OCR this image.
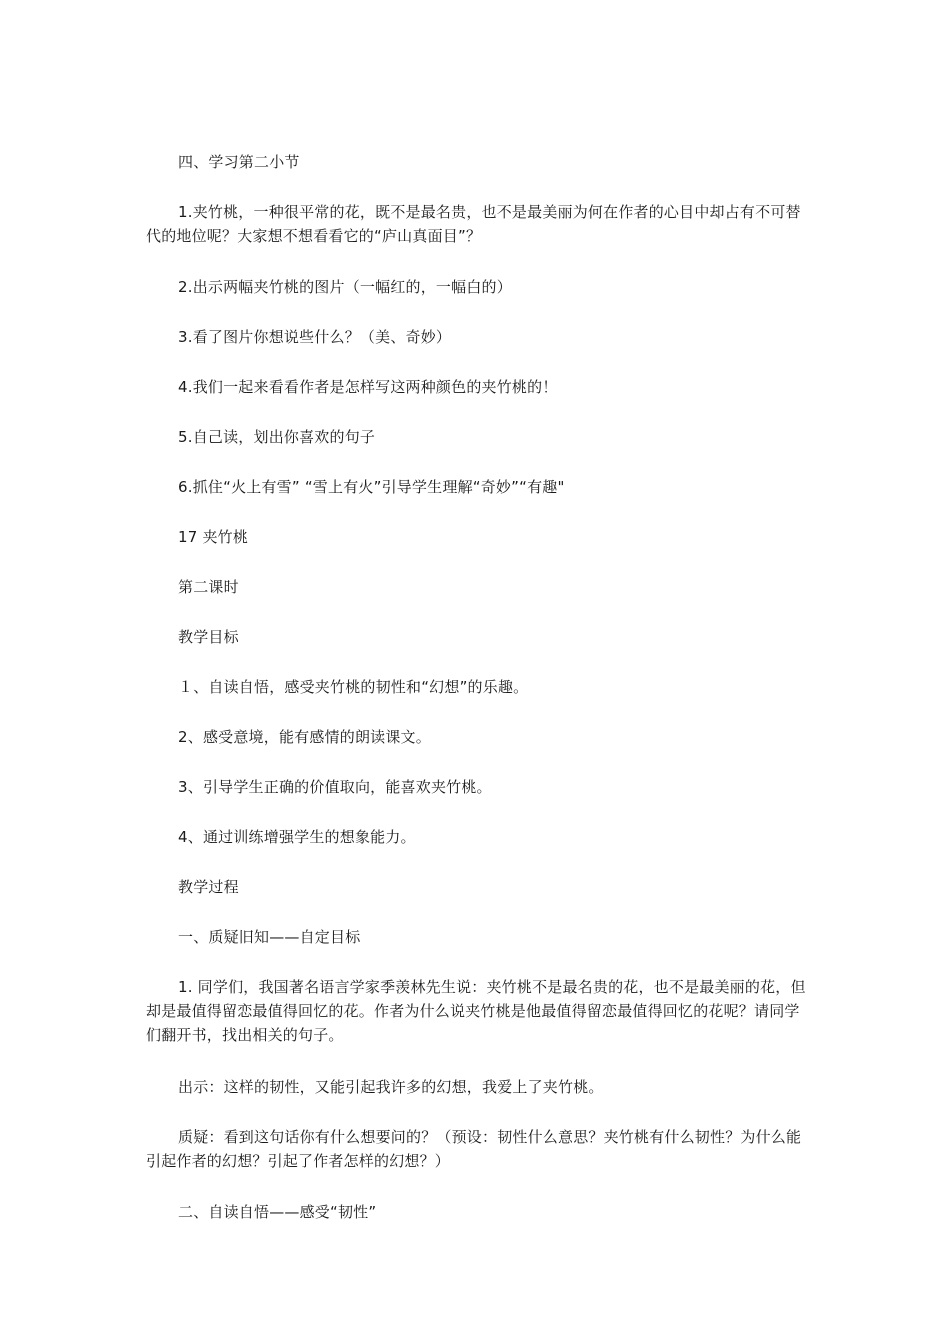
四、学习第二小节

1.夹竹桃，一种很平常的花，既不是最名贵，也不是最美丽为何在作者的心目中却占有不可替代的地位呢？大家想不想看看它的“庐山真面目”？

2.出示两幅夹竹桃的图片（一幅红的，一幅白的）

3.看了图片你想说些什么？（美、奇妙）

4.我们一起来看看作者是怎样写这两种颜色的夹竹桃的！

5.自己读，划出你喜欢的句子

6.抓住“火上有雪” “雪上有火”引导学生理解“奇妙”“有趣"

17 夹竹桃

第二课时

教学目标

１、自读自悟，感受夹竹桃的韧性和“幻想”的乐趣。

2、感受意境，能有感情的朗读课文。

3、引导学生正确的价值取向，能喜欢夹竹桃。

4、通过训练增强学生的想象能力。

教学过程

一、质疑旧知——自定目标

1. 同学们，我国著名语言学家季羡林先生说：夹竹桃不是最名贵的花，也不是最美丽的花，但却是最值得留恋最值得回忆的花。作者为什么说夹竹桃是他最值得留恋最值得回忆的花呢？请同学们翻开书，找出相关的句子。

出示：这样的韧性，又能引起我许多的幻想，我爱上了夹竹桃。

质疑：看到这句话你有什么想要问的？（预设：韧性什么意思？夹竹桃有什么韧性？为什么能引起作者的幻想？引起了作者怎样的幻想？）

二、自读自悟——感受“韧性”
